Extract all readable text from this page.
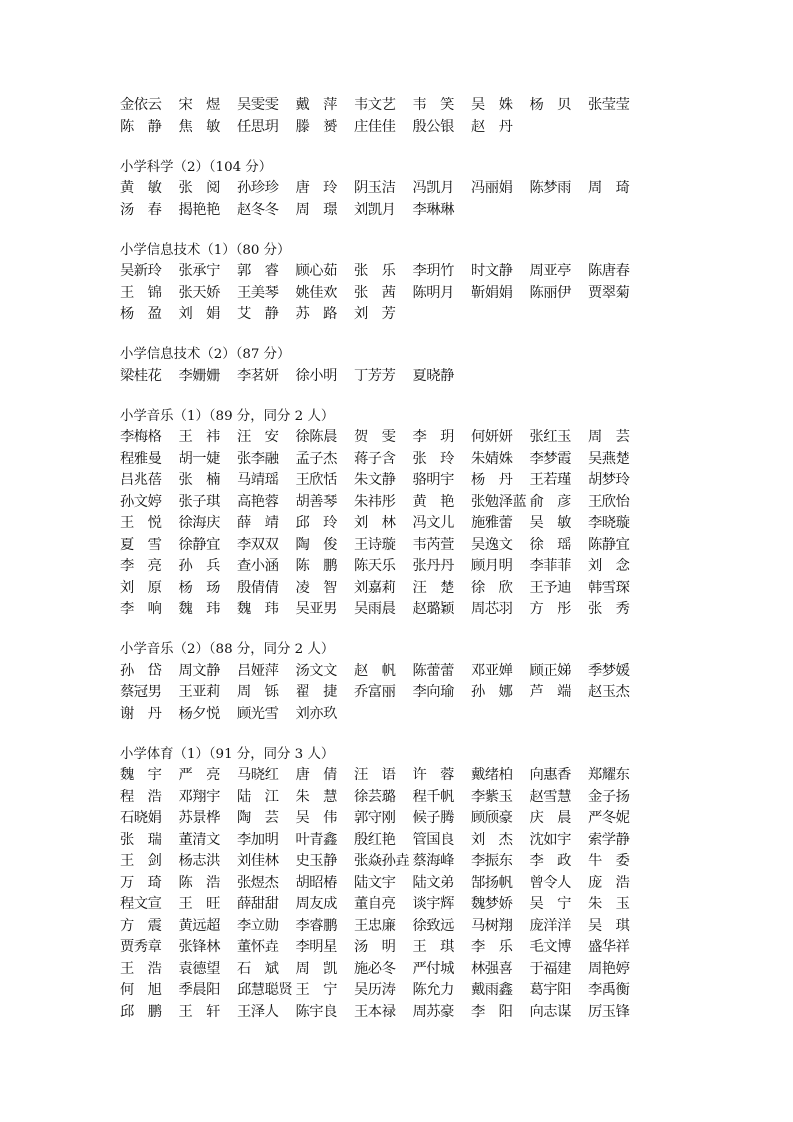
金依云	宋　煜	吴雯雯	戴　萍	韦文艺	韦　笑	吴　姝	杨　贝	张莹莹
陈　静	焦　敏	任思玥	滕　赟	庄佳佳	殷公银	赵　丹
小学科学（2）（104 分）
黄　敏	张　阅	孙珍珍	唐　玲	阴玉洁	冯凯月	冯丽娟	陈梦雨	周　琦
汤　春	揭艳艳	赵冬冬	周　璟	刘凯月	李琳琳
小学信息技术（1）（80 分）
吴新玲	张承宁	郭　睿	顾心茹	张　乐	李玥竹	时文静	周亚亭	陈唐春
王　锦	张天娇	王美琴	姚佳欢	张　茜	陈明月	靳娟娟	陈丽伊	贾翠菊
杨　盈	刘　娟	艾　静	苏　路	刘　芳
小学信息技术（2）（87 分）
梁桂花	李姗姗	李茗妍	徐小明	丁芳芳	夏晓静
小学音乐（1）（89 分，同分 2 人）
李梅格	王　祎	汪　安	徐陈晨	贺　雯	李　玥	何妍妍	张红玉	周　芸
程雅曼	胡一婕	张李融	孟子杰	蒋子含	张　玲	朱婧姝	李梦霞	吴燕楚
吕兆蓓	张　楠	马靖瑶	王欣恬	朱文静	骆明宇	杨　丹	王若瑾	胡梦玲
孙文婷	张子琪	高艳蓉	胡善琴	朱祎彤	黄　艳	张勉泽蓝 俞　彦	王欣怡
王　悦	徐海庆	薛　靖	邱　玲	刘　林	冯文儿	施雅蕾	吴　敏	李晓璇
夏　雪	徐静宜	李双双	陶　俊	王诗璇	韦芮萱	吴逸文	徐　瑶	陈静宜
李　亮	孙　兵	查小涵	陈　鹏	陈天乐	张丹丹	顾月明	李菲菲	刘　念
刘　原	杨　玚	殷倩倩	凌　智	刘嘉莉	汪　楚	徐　欣	王予迪	韩雪琛
李　响	魏　玮	魏　玮	吴亚男	吴雨晨	赵璐颖	周芯羽	方　彤	张　秀
小学音乐（2）（88 分，同分 2 人）
孙　岱	周文静	吕娅萍	汤文文	赵　帆	陈蕾蕾	邓亚婵	顾正娣	季梦媛
蔡冠男	王亚莉	周　铄	翟　捷	乔富丽	李向瑜	孙　娜	芦　端	赵玉杰
谢　丹	杨夕悦	顾光雪	刘亦玖
小学体育（1）（91 分，同分 3 人）
魏　宇	严　亮	马晓红	唐　倩	汪　语	许　蓉	戴绪柏	向惠香	郑耀东
程　浩	邓翔宇	陆　江	朱　慧	徐芸璐	程千帆	李紫玉	赵雪慧	金子扬
石晓娟	苏景桦	陶　芸	吴　伟	郭守刚	候子腾	顾颀豪	庆　晨	严冬妮
张　瑞	董清文	李加明	叶青鑫	殷红艳	管国良	刘　杰	沈如宇	索学静
王　剑	杨志洪	刘佳林	史玉静	张焱孙垚 蔡海峰	李振东	李　政	牛　委
万　琦	陈　浩	张煜杰	胡昭椿	陆文宇	陆文弟	郜扬帆	曾令人	庞　浩
程文宣	王　旺	薛甜甜	周友成	董自亮	谈宇辉	魏梦娇	吴　宁	朱　玉
方　震	黄远超	李立勋	李睿鹏	王忠廉	徐致远	马树翔	庞洋洋	吴　琪
贾秀章	张锋林	董怀垚	李明星	汤　明	王　琪	李　乐	毛文博	盛华祥
王　浩	袁德望	石　斌	周　凯	施必冬	严付城	林强喜	于福建	周艳婷
何　旭	季晨阳	邱慧聪贤 王　宁	吴历涛	陈允力	戴雨鑫	葛宇阳	李禹衡
邱　鹏	王　轩	王泽人	陈宇良	王本禄	周苏豪	李　阳	向志谋	厉玉锋
